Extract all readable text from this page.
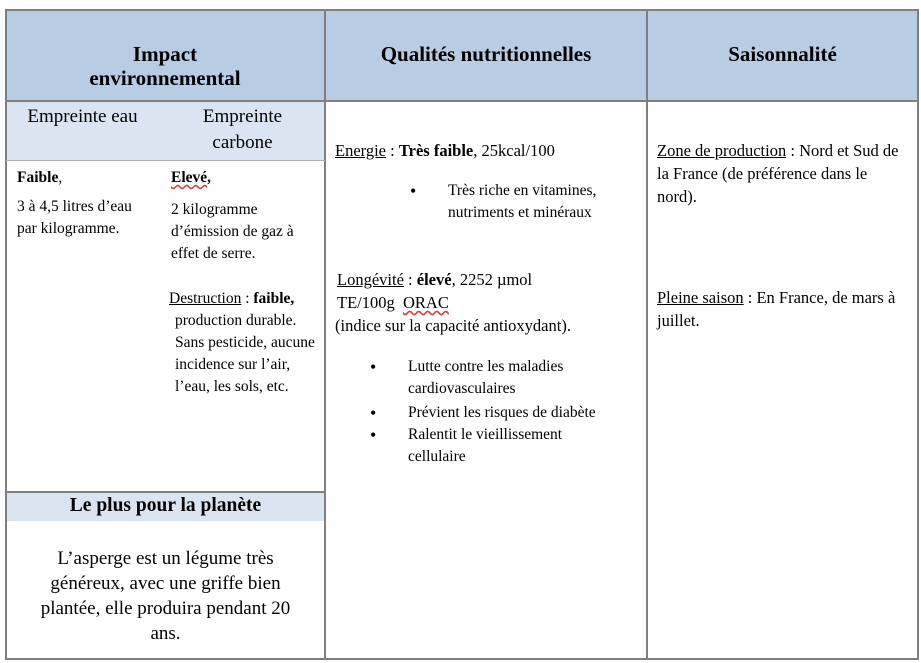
Impact environnemental
Qualités nutritionnelles	Saisonnalité
Empreinte eau	Empreinte carbone
Faible,
3 à 4,5 litres d’eau par kilogramme.
Elevé,
2 kilogramme d’émission de gaz à effet de serre.
Destruction : faible,
production durable. Sans pesticide, aucune incidence sur l’air, l’eau, les sols, etc.
Le plus pour la planète
L’asperge est un légume très généreux, avec une griffe bien plantée, elle produira pendant 20 ans.
Energie : Très faible, 25kcal/100
• Très riche en vitamines, nutriments et minéraux
Longévité : élevé, 2252 µmol
TE/100g ORAC
(indice sur la capacité antioxydant).
• Lutte contre les maladies cardiovasculaires
• Prévient les risques de diabète
• Ralentit le vieillissement cellulaire
Zone de production : Nord et Sud de la France (de préférence dans le nord).
Pleine saison : En France, de mars à juillet.
